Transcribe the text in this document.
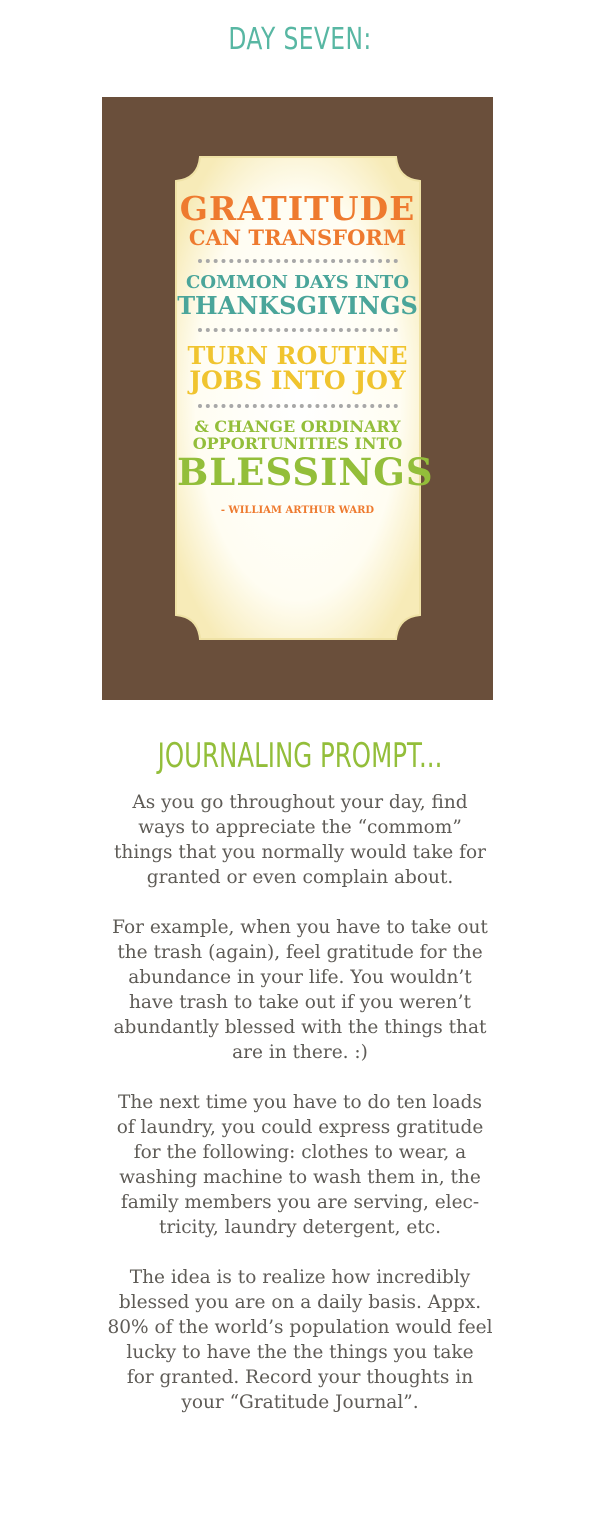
DAY SEVEN:
GRATITUDE
CAN TRANSFORM
COMMON DAYS INTO
THANKSGIVINGS
TURN ROUTINE
JOBS INTO JOY
& CHANGE ORDINARY
OPPORTUNITIES INTO
BLESSINGS
- WILLIAM ARTHUR WARD
JOURNALING PROMPT...

As you go throughout your day, find
ways to appreciate the “commom”
things that you normally would take for
granted or even complain about.

For example, when you have to take out
the trash (again), feel gratitude for the
abundance in your life. You wouldn’t
have trash to take out if you weren’t
abundantly blessed with the things that
are in there. :)

The next time you have to do ten loads
of laundry, you could express gratitude
for the following: clothes to wear, a
washing machine to wash them in, the
family members you are serving, elec-
tricity, laundry detergent, etc.

The idea is to realize how incredibly
blessed you are on a daily basis. Appx.
80% of the world’s population would feel
lucky to have the the things you take
for granted. Record your thoughts in
your “Gratitude Journal”.
